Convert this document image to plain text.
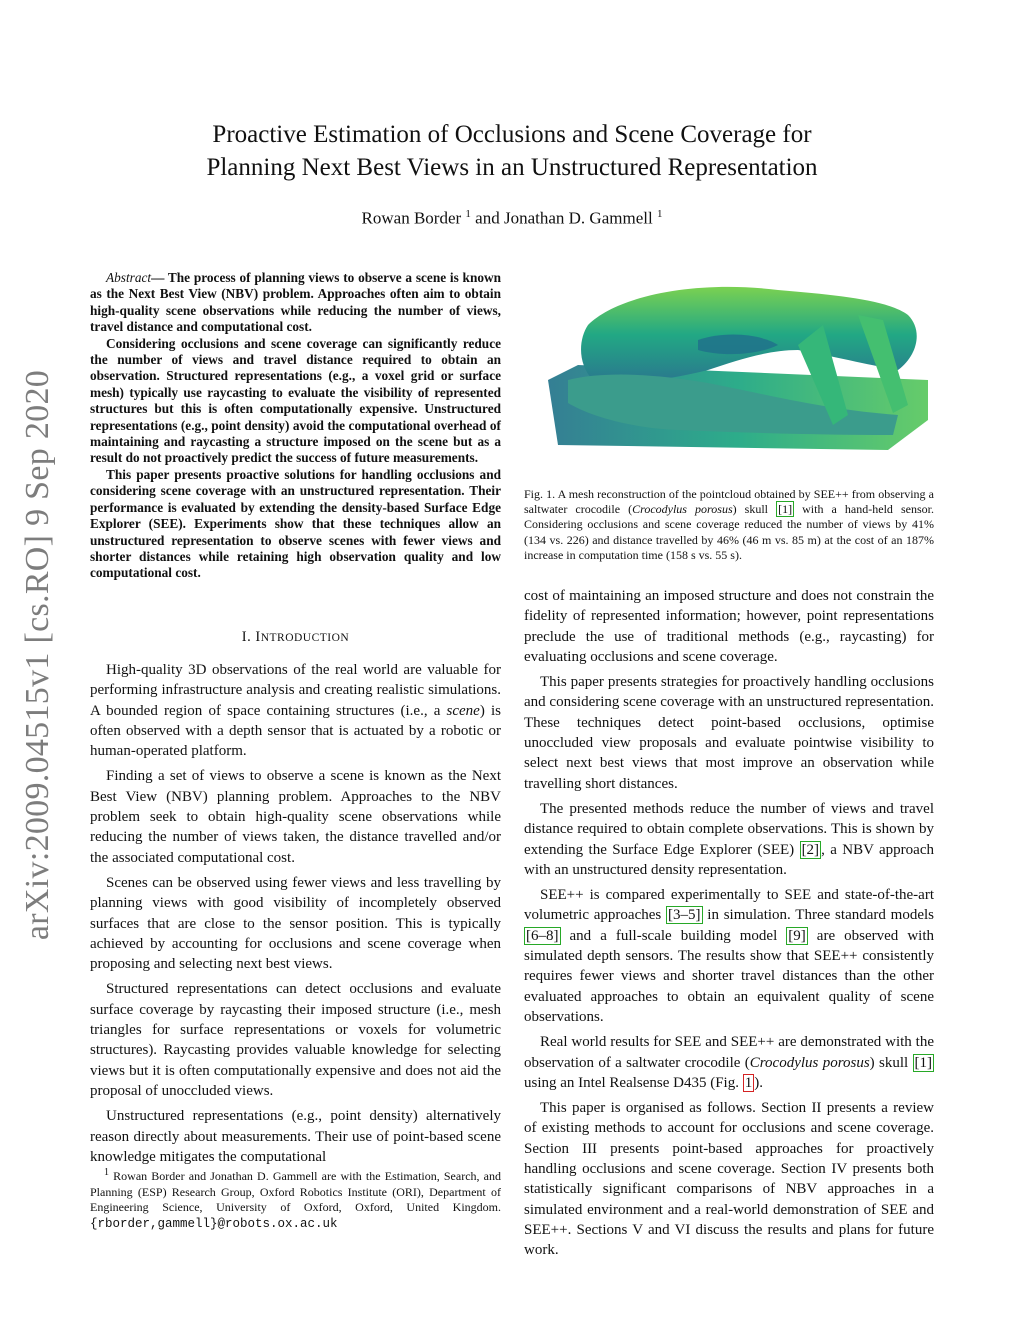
arXiv:2009.04515v1 [cs.RO] 9 Sep 2020
Proactive Estimation of Occlusions and Scene Coverage for
Planning Next Best Views in an Unstructured Representation
Rowan Border $^1$ and Jonathan D. Gammell $^1$

Abstract— The process of planning views to observe a scene is known as the Next Best View (NBV) problem. Approaches often aim to obtain high-quality scene observations while reducing the number of views, travel distance and computational cost.

Considering occlusions and scene coverage can significantly reduce the number of views and travel distance required to obtain an observation. Structured representations (e.g., a voxel grid or surface mesh) typically use raycasting to evaluate the visibility of represented structures but this is often computationally expensive. Unstructured representations (e.g., point density) avoid the computational overhead of maintaining and raycasting a structure imposed on the scene but as a result do not proactively predict the success of future measurements.

This paper presents proactive solutions for handling occlusions and considering scene coverage with an unstructured representation. Their performance is evaluated by extending the density-based Surface Edge Explorer (SEE). Experiments show that these techniques allow an unstructured representation to observe scenes with fewer views and shorter distances while retaining high observation quality and low computational cost.

I. INTRODUCTION

High-quality 3D observations of the real world are valuable for performing infrastructure analysis and creating realistic simulations. A bounded region of space containing structures (i.e., a scene) is often observed with a depth sensor that is actuated by a robotic or human-operated platform.

Finding a set of views to observe a scene is known as the Next Best View (NBV) planning problem. Approaches to the NBV problem seek to obtain high-quality scene observations while reducing the number of views taken, the distance travelled and/or the associated computational cost.

Scenes can be observed using fewer views and less travelling by planning views with good visibility of incompletely observed surfaces that are close to the sensor position. This is typically achieved by accounting for occlusions and scene coverage when proposing and selecting next best views.

Structured representations can detect occlusions and evaluate surface coverage by raycasting their imposed structure (i.e., mesh triangles for surface representations or voxels for volumetric structures). Raycasting provides valuable knowledge for selecting views but it is often computationally expensive and does not aid the proposal of unoccluded views.

Unstructured representations (e.g., point density) alternatively reason directly about measurements. Their use of point-based scene knowledge mitigates the computational

$^1$ Rowan Border and Jonathan D. Gammell are with the Estimation, Search, and Planning (ESP) Research Group, Oxford Robotics Institute (ORI), Department of Engineering Science, University of Oxford, Oxford, United Kingdom. {rborder,gammell}@robots.ox.ac.uk

Fig. 1. A mesh reconstruction of the pointcloud obtained by SEE++ from observing a saltwater crocodile (Crocodylus porosus) skull [1] with a hand-held sensor. Considering occlusions and scene coverage reduced the number of views by 41% (134 vs. 226) and distance travelled by 46% (46 m vs. 85 m) at the cost of an 187% increase in computation time (158 s vs. 55 s).

cost of maintaining an imposed structure and does not constrain the fidelity of represented information; however, point representations preclude the use of traditional methods (e.g., raycasting) for evaluating occlusions and scene coverage.

This paper presents strategies for proactively handling occlusions and considering scene coverage with an unstructured representation. These techniques detect point-based occlusions, optimise unoccluded view proposals and evaluate pointwise visibility to select next best views that most improve an observation while travelling short distances.

The presented methods reduce the number of views and travel distance required to obtain complete observations. This is shown by extending the Surface Edge Explorer (SEE) [2] , a NBV approach with an unstructured density representation.

SEE++ is compared experimentally to SEE and state-of-the-art volumetric approaches [3–5] in simulation. Three standard models [6–8] and a full-scale building model [9] are observed with simulated depth sensors. The results show that SEE++ consistently requires fewer views and shorter travel distances than the other evaluated approaches to obtain an equivalent quality of scene observations.

Real world results for SEE and SEE++ are demonstrated with the observation of a saltwater crocodile (Crocodylus porosus) skull [1] using an Intel Realsense D435 (Fig. 1 ).

This paper is organised as follows. Section II presents a review of existing methods to account for occlusions and scene coverage. Section III presents point-based approaches for proactively handling occlusions and scene coverage. Section IV presents both statistically significant comparisons of NBV approaches in a simulated environment and a real-world demonstration of SEE and SEE++. Sections V and VI discuss the results and plans for future work.
